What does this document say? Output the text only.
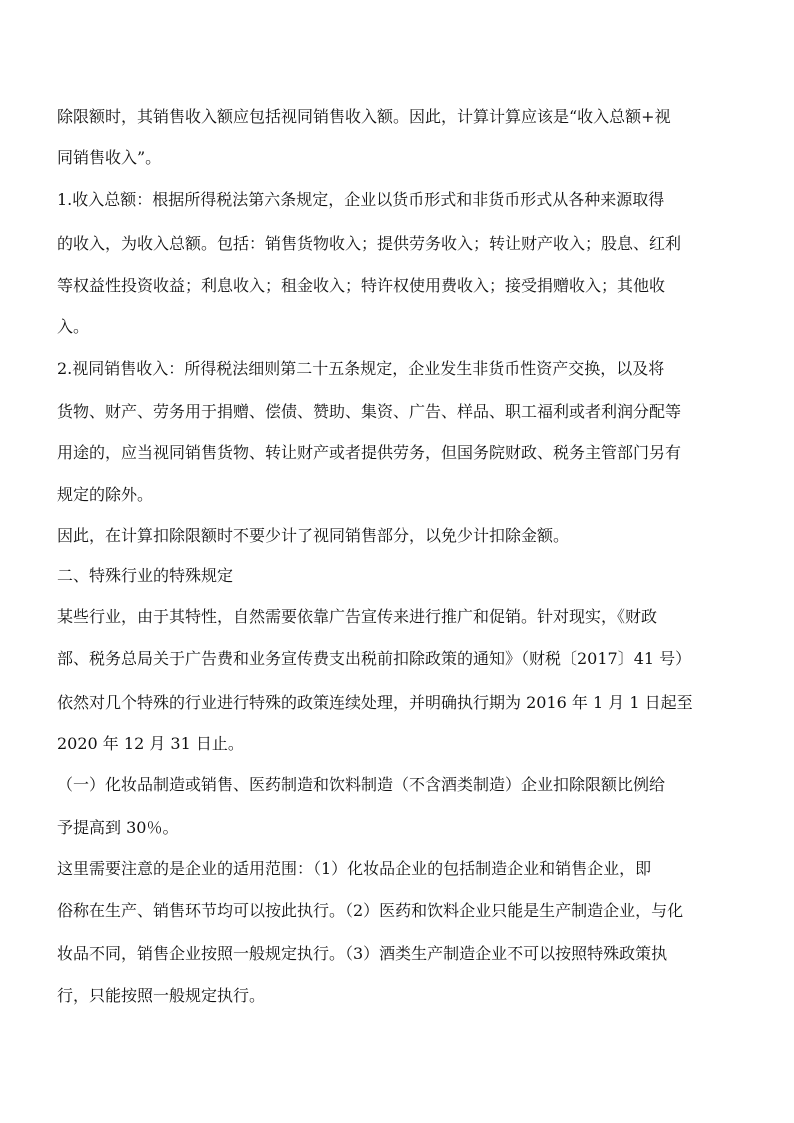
除限额时，其销售收入额应包括视同销售收入额。因此，计算计算应该是“收入总额+视
同销售收入”。
1.收入总额：根据所得税法第六条规定，企业以货币形式和非货币形式从各种来源取得
的收入，为收入总额。包括：销售货物收入；提供劳务收入；转让财产收入；股息、红利
等权益性投资收益；利息收入；租金收入；特许权使用费收入；接受捐赠收入；其他收
入。
2.视同销售收入：所得税法细则第二十五条规定，企业发生非货币性资产交换，以及将
货物、财产、劳务用于捐赠、偿债、赞助、集资、广告、样品、职工福利或者利润分配等
用途的，应当视同销售货物、转让财产或者提供劳务，但国务院财政、税务主管部门另有
规定的除外。
因此，在计算扣除限额时不要少计了视同销售部分，以免少计扣除金额。
二、特殊行业的特殊规定
某些行业，由于其特性，自然需要依靠广告宣传来进行推广和促销。针对现实，《财政
部、税务总局关于广告费和业务宣传费支出税前扣除政策的通知》（财税〔2017〕41 号）
依然对几个特殊的行业进行特殊的政策连续处理，并明确执行期为 2016 年 1 月 1 日起至
2020 年 12 月 31 日止。
（一）化妆品制造或销售、医药制造和饮料制造（不含酒类制造）企业扣除限额比例给
予提高到 30％。
这里需要注意的是企业的适用范围：（1）化妆品企业的包括制造企业和销售企业，即
俗称在生产、销售环节均可以按此执行。（2）医药和饮料企业只能是生产制造企业，与化
妆品不同，销售企业按照一般规定执行。（3）酒类生产制造企业不可以按照特殊政策执
行，只能按照一般规定执行。
